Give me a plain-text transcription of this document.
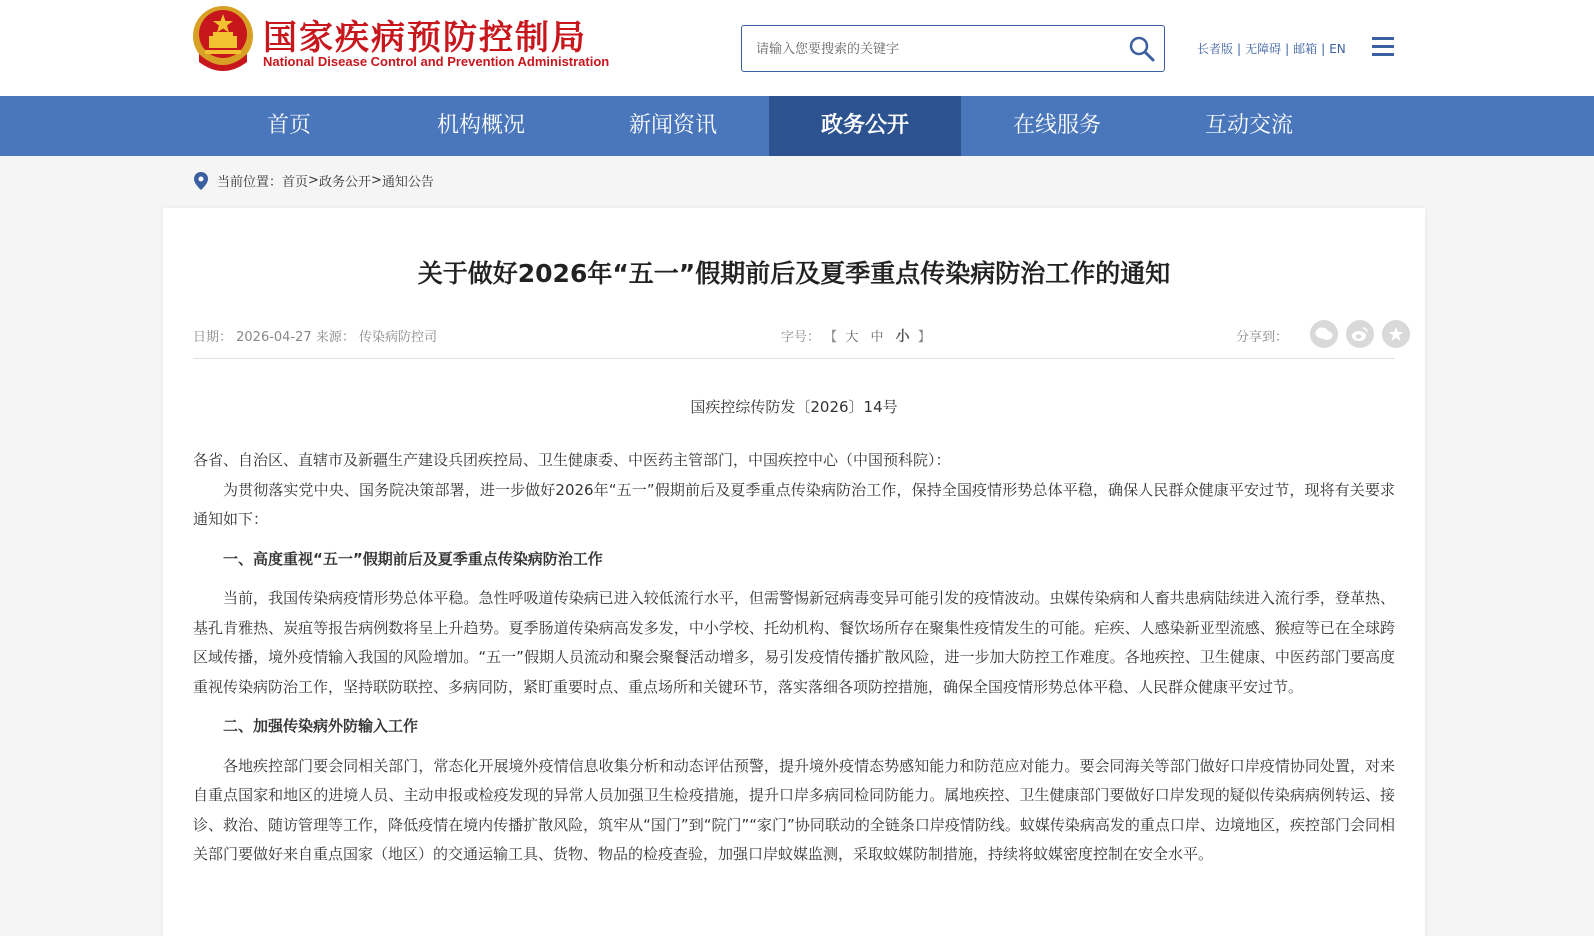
国家疾病预防控制局
National Disease Control and Prevention Administration
请输入您要搜索的关键字
长者版 | 无障碍 | 邮箱 | EN
首页	机构概况	新闻资讯	政务公开	在线服务	互动交流
当前位置： 首页 > 政务公开 > 通知公告
关于做好2026年“五一”假期前后及夏季重点传染病防治工作的通知
日期： 2026-04-27 来源： 传染病防控司	字号： 【 大 中 小 】	分享到：
国疾控综传防发〔2026〕14号

各省、自治区、直辖市及新疆生产建设兵团疾控局、卫生健康委、中医药主管部门，中国疾控中心（中国预科院）：

为贯彻落实党中央、国务院决策部署，进一步做好2026年“五一”假期前后及夏季重点传染病防治工作，保持全国疫情形势总体平稳，确保人民群众健康平安过节，现将有关要求通知如下：

一、高度重视“五一”假期前后及夏季重点传染病防治工作

当前，我国传染病疫情形势总体平稳。急性呼吸道传染病已进入较低流行水平，但需警惕新冠病毒变异可能引发的疫情波动。虫媒传染病和人畜共患病陆续进入流行季，登革热、基孔肯雅热、炭疽等报告病例数将呈上升趋势。夏季肠道传染病高发多发，中小学校、托幼机构、餐饮场所存在聚集性疫情发生的可能。疟疾、人感染新亚型流感、猴痘等已在全球跨区域传播，境外疫情输入我国的风险增加。“五一”假期人员流动和聚会聚餐活动增多，易引发疫情传播扩散风险，进一步加大防控工作难度。各地疾控、卫生健康、中医药部门要高度重视传染病防治工作，坚持联防联控、多病同防，紧盯重要时点、重点场所和关键环节，落实落细各项防控措施，确保全国疫情形势总体平稳、人民群众健康平安过节。

二、加强传染病外防输入工作

各地疾控部门要会同相关部门，常态化开展境外疫情信息收集分析和动态评估预警，提升境外疫情态势感知能力和防范应对能力。要会同海关等部门做好口岸疫情协同处置，对来自重点国家和地区的进境人员、主动申报或检疫发现的异常人员加强卫生检疫措施，提升口岸多病同检同防能力。属地疾控、卫生健康部门要做好口岸发现的疑似传染病病例转运、接诊、救治、随访管理等工作，降低疫情在境内传播扩散风险，筑牢从“国门”到“院门”“家门”协同联动的全链条口岸疫情防线。蚊媒传染病高发的重点口岸、边境地区，疾控部门会同相关部门要做好来自重点国家（地区）的交通运输工具、货物、物品的检疫查验，加强口岸蚊媒监测，采取蚊媒防制措施，持续将蚊媒密度控制在安全水平。
